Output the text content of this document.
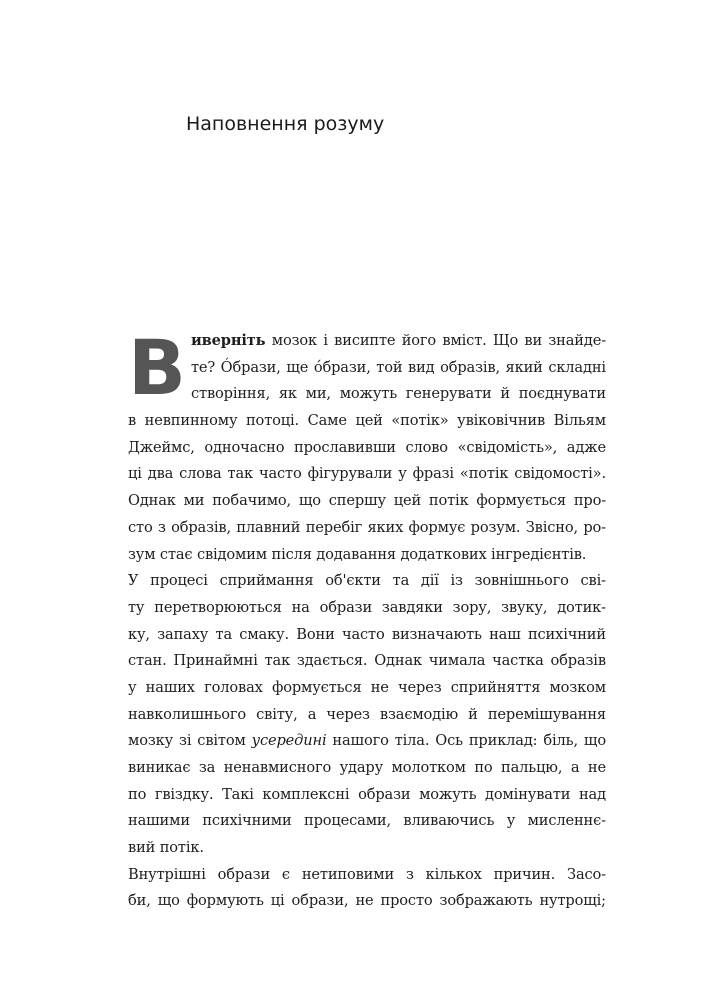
Наповнення розуму
В иверніть мозок і висипте його вміст. Що ви знайде-
те? Óбрази, ще óбрази, той вид образів, який складні
створіння, як ми, можуть генерувати й поєднувати
в невпинному потоці. Саме цей «потік» увіковічнив Вільям
Джеймс, одночасно прославивши слово «свідомість», адже
ці два слова так часто фігурували у фразі «потік свідомості».
Однак ми побачимо, що спершу цей потік формується про-
сто з образів, плавний перебіг яких формує розум. Звісно, ро-
зум стає свідомим після додавання додаткових інгредієнтів.
У процесі сприймання об'єкти та дії із зовнішнього сві-
ту перетворюються на образи завдяки зору, звуку, дотик-
ку, запаху та смаку. Вони часто визначають наш психічний
стан. Принаймні так здається. Однак чимала частка образів
у наших головах формується не через сприйняття мозком
навколишнього світу, а через взаємодію й перемішування
мозку зі світом усередині нашого тіла. Ось приклад: біль, що
виникає за ненавмисного удару молотком по пальцю, а не
по гвіздку. Такі комплексні образи можуть домінувати над
нашими психічними процесами, вливаючись у мисленнє-
вий потік.
Внутрішні образи є нетиповими з кількох причин. Засо-
би, що формують ці образи, не просто зображають нутрощі;
